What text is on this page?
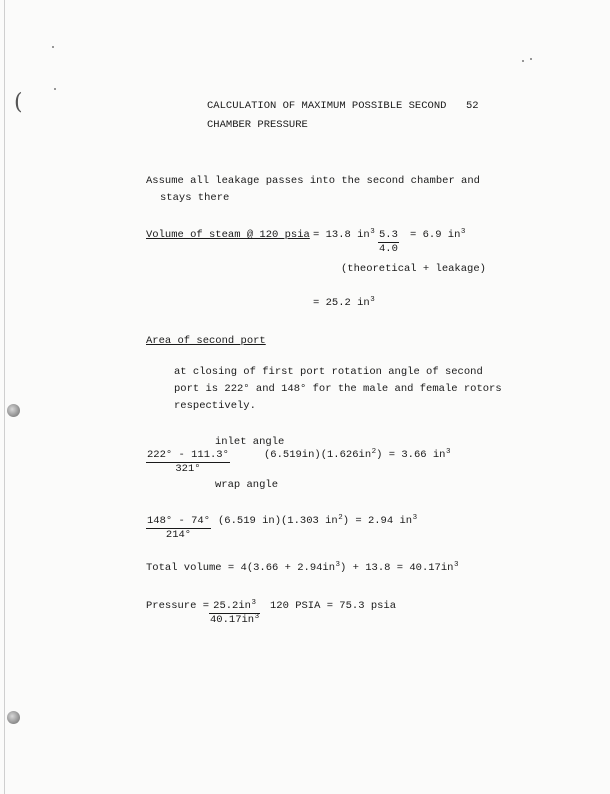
(	CALCULATION OF MAXIMUM POSSIBLE SECOND 52
CHAMBER PRESSURE
Assume all leakage passes into the second chamber and
stays there
Volume of steam @ 120 psia = 13.8 $in^3 \frac{5.3}{4.0} = 6.9$ $in^3$
(theoretical + leakage)
= 25.2 $in^3$
Area of second port
at closing of first port rotation angle of second
port is 222° and 148° for the male and female rotors
respectively.
inlet angle
$\frac{222^\circ - 111.3^\circ}{321^\circ}$	$(6.519in)(1.626in^2) = 3.66$ $in^3$
wrap angle
$\frac{148^\circ - 74^\circ}{214^\circ} (6.519$ in)(1.303 $in^2) = 2.94$ $in^3$
Total volume = $4(3.66 + 2.94in^3) + 13.8 = 40.17in^3$
Pressure = $\frac{25.2in^3}{40.17in^3} 120$ PSIA = 75.3 psia
